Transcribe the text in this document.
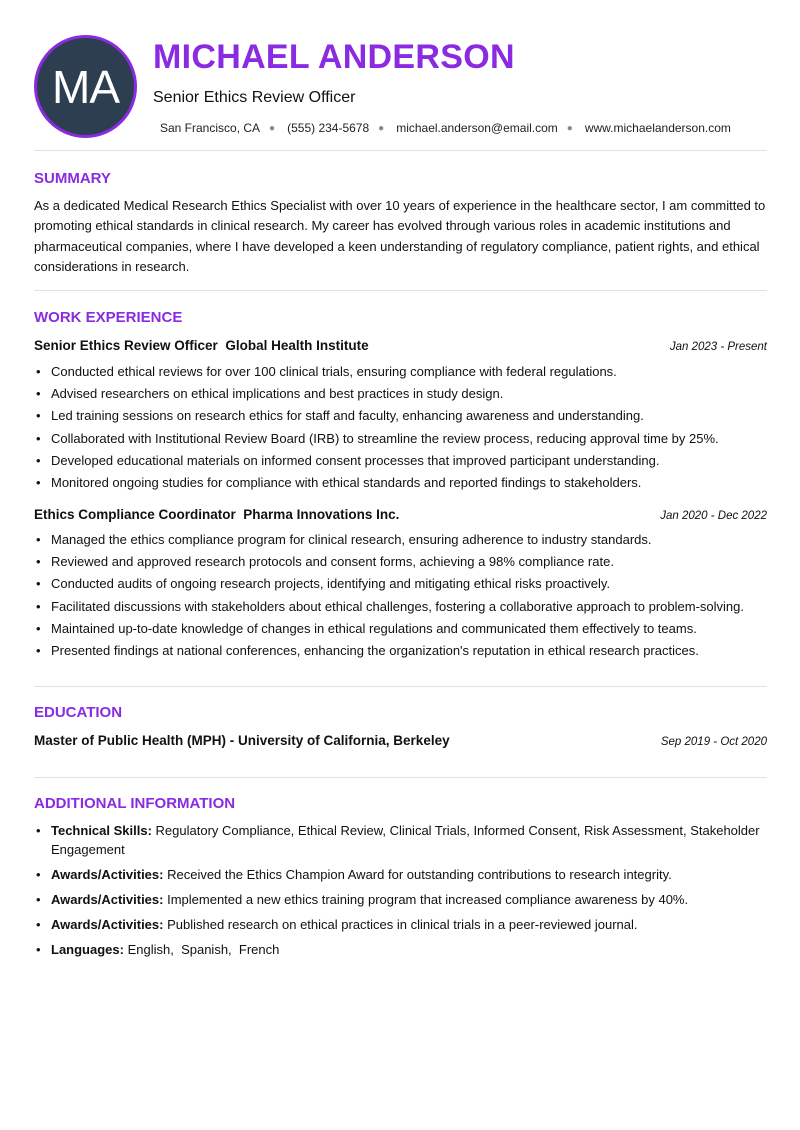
MA
MICHAEL ANDERSON
Senior Ethics Review Officer
San Francisco, CA ● (555) 234-5678 ● michael.anderson@email.com ● www.michaelanderson.com
SUMMARY
As a dedicated Medical Research Ethics Specialist with over 10 years of experience in the healthcare sector, I am committed to promoting ethical standards in clinical research. My career has evolved through various roles in academic institutions and pharmaceutical companies, where I have developed a keen understanding of regulatory compliance, patient rights, and ethical considerations in research.
WORK EXPERIENCE
Senior Ethics Review Officer Global Health Institute	Jan 2023 - Present
• Conducted ethical reviews for over 100 clinical trials, ensuring compliance with federal regulations.
• Advised researchers on ethical implications and best practices in study design.
• Led training sessions on research ethics for staff and faculty, enhancing awareness and understanding.
• Collaborated with Institutional Review Board (IRB) to streamline the review process, reducing approval time by 25%.
• Developed educational materials on informed consent processes that improved participant understanding.
• Monitored ongoing studies for compliance with ethical standards and reported findings to stakeholders.
Ethics Compliance Coordinator Pharma Innovations Inc.	Jan 2020 - Dec 2022
• Managed the ethics compliance program for clinical research, ensuring adherence to industry standards.
• Reviewed and approved research protocols and consent forms, achieving a 98% compliance rate.
• Conducted audits of ongoing research projects, identifying and mitigating ethical risks proactively.
• Facilitated discussions with stakeholders about ethical challenges, fostering a collaborative approach to problem-solving.
• Maintained up-to-date knowledge of changes in ethical regulations and communicated them effectively to teams.
• Presented findings at national conferences, enhancing the organization's reputation in ethical research practices.
EDUCATION
Master of Public Health (MPH) - University of California, Berkeley	Sep 2019 - Oct 2020
ADDITIONAL INFORMATION
• Technical Skills: Regulatory Compliance, Ethical Review, Clinical Trials, Informed Consent, Risk Assessment, Stakeholder Engagement
• Awards/Activities: Received the Ethics Champion Award for outstanding contributions to research integrity.
• Awards/Activities: Implemented a new ethics training program that increased compliance awareness by 40%.
• Awards/Activities: Published research on ethical practices in clinical trials in a peer-reviewed journal.
• Languages: English,  Spanish,  French
